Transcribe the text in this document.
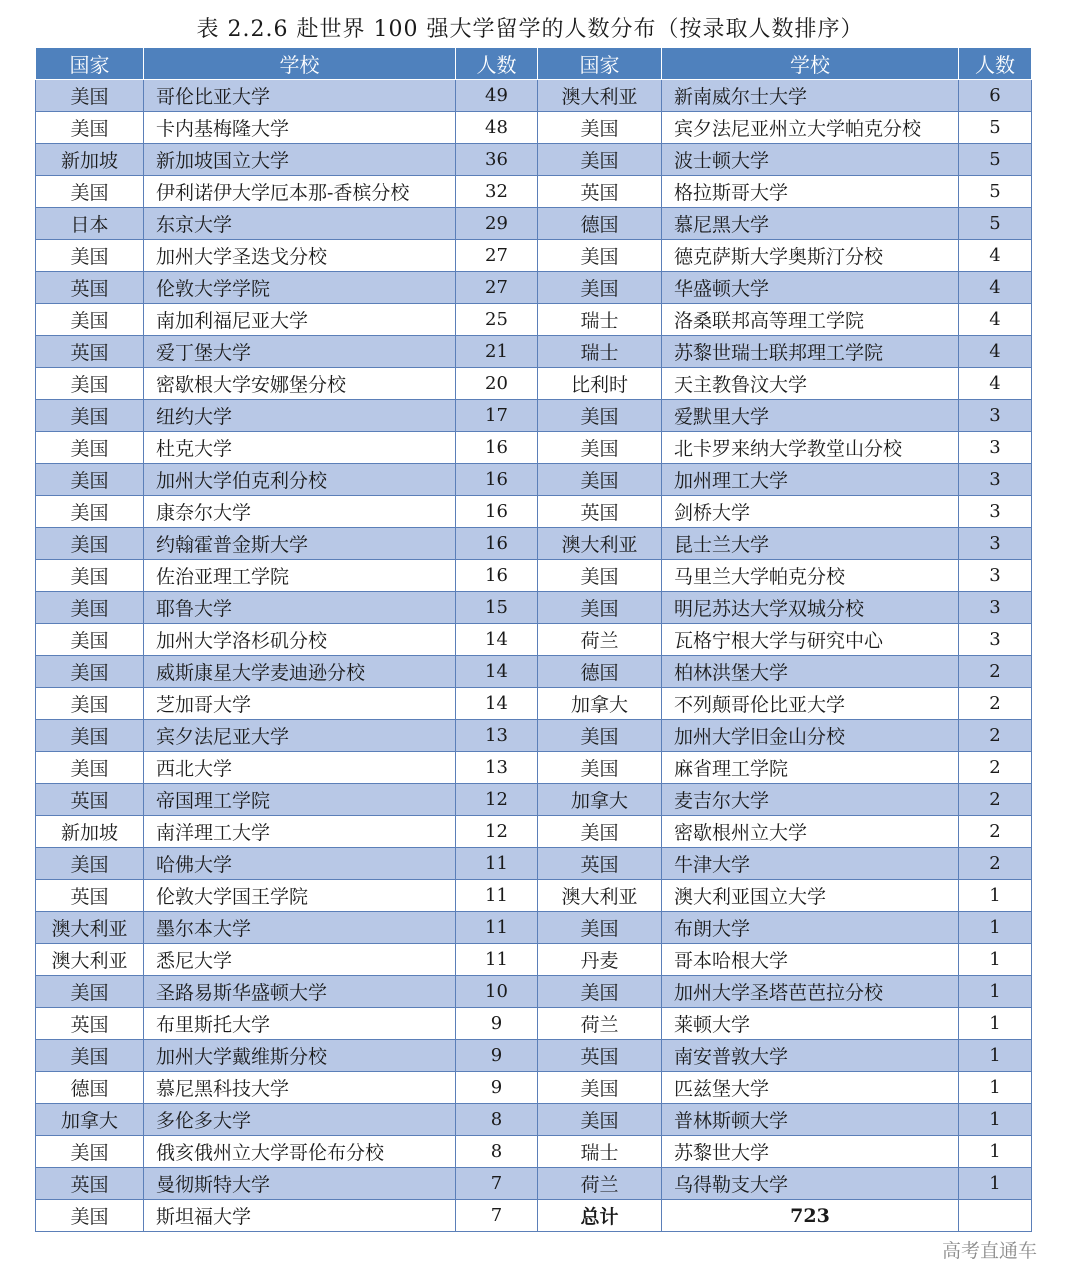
表 2.2.6 赴世界 100 强大学留学的人数分布（按录取人数排序）
国家	学校	人数	国家	学校	人数
美国	哥伦比亚大学	49	澳大利亚	新南威尔士大学	6
美国	卡内基梅隆大学	48	美国	宾夕法尼亚州立大学帕克分校	5
新加坡	新加坡国立大学	36	美国	波士顿大学	5
美国	伊利诺伊大学厄本那-香槟分校	32	英国	格拉斯哥大学	5
日本	东京大学	29	德国	慕尼黑大学	5
美国	加州大学圣迭戈分校	27	美国	德克萨斯大学奥斯汀分校	4
英国	伦敦大学学院	27	美国	华盛顿大学	4
美国	南加利福尼亚大学	25	瑞士	洛桑联邦高等理工学院	4
英国	爱丁堡大学	21	瑞士	苏黎世瑞士联邦理工学院	4
美国	密歇根大学安娜堡分校	20	比利时	天主教鲁汶大学	4
美国	纽约大学	17	美国	爱默里大学	3
美国	杜克大学	16	美国	北卡罗来纳大学教堂山分校	3
美国	加州大学伯克利分校	16	美国	加州理工大学	3
美国	康奈尔大学	16	英国	剑桥大学	3
美国	约翰霍普金斯大学	16	澳大利亚	昆士兰大学	3
美国	佐治亚理工学院	16	美国	马里兰大学帕克分校	3
美国	耶鲁大学	15	美国	明尼苏达大学双城分校	3
美国	加州大学洛杉矶分校	14	荷兰	瓦格宁根大学与研究中心	3
美国	威斯康星大学麦迪逊分校	14	德国	柏林洪堡大学	2
美国	芝加哥大学	14	加拿大	不列颠哥伦比亚大学	2
美国	宾夕法尼亚大学	13	美国	加州大学旧金山分校	2
美国	西北大学	13	美国	麻省理工学院	2
英国	帝国理工学院	12	加拿大	麦吉尔大学	2
新加坡	南洋理工大学	12	美国	密歇根州立大学	2
美国	哈佛大学	11	英国	牛津大学	2
英国	伦敦大学国王学院	11	澳大利亚	澳大利亚国立大学	1
澳大利亚	墨尔本大学	11	美国	布朗大学	1
澳大利亚	悉尼大学	11	丹麦	哥本哈根大学	1
美国	圣路易斯华盛顿大学	10	美国	加州大学圣塔芭芭拉分校	1
英国	布里斯托大学	9	荷兰	莱顿大学	1
美国	加州大学戴维斯分校	9	英国	南安普敦大学	1
德国	慕尼黑科技大学	9	美国	匹兹堡大学	1
加拿大	多伦多大学	8	美国	普林斯顿大学	1
美国	俄亥俄州立大学哥伦布分校	8	瑞士	苏黎世大学	1
英国	曼彻斯特大学	7	荷兰	乌得勒支大学	1
美国	斯坦福大学	7	总计	723	
高考直通车
